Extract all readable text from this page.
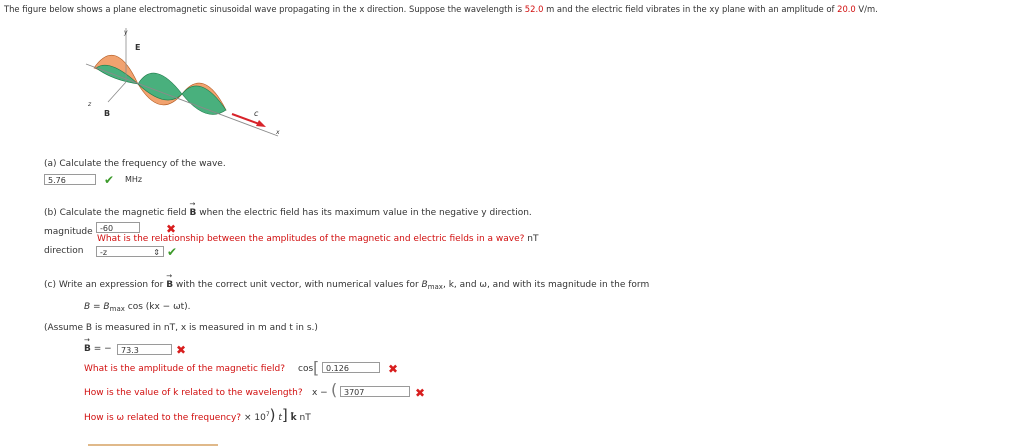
The figure below shows a plane electromagnetic sinusoidal wave propagating in the x direction. Suppose the wavelength is 52.0 m and the electric field vibrates in the xy plane with an amplitude of 20.0 V/m.
y
E
z
B	c
x
(a) Calculate the frequency of the wave.
5.76	✔ MHz
(b) Calculate the magnetic field → B when the electric field has its maximum value in the negative y direction.
magnitude -60	✖
What is the relationship between the amplitudes of the magnetic and electric fields in a wave? nT
direction	-z	⇕ ✔
(c) Write an expression for → B with the correct unit vector, with numerical values for $B_{max}$, k, and ω, and with its magnitude in the form
$B = B_{max}$ cos (kx − ωt).
(Assume B is measured in nT, x is measured in m and t in s.)
→ B = −	73.3	✖
What is the amplitude of the magnetic field? cos [ 0.126	✖
How is the value of k related to the wavelength? x − ( 3707	✖
How is ω related to the frequency? × $10^7$) t] k̂ nT
